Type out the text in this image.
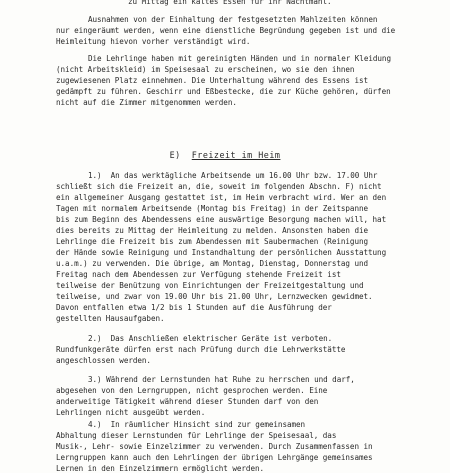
zu Mittag ein kaltes Essen für ihr Nachtmahl.
Ausnahmen von der Einhaltung der festgesetzten Mahlzeiten können
nur eingeräumt werden, wenn eine dienstliche Begründung gegeben ist und die
Heimleitung hievon vorher verständigt wird.
Die Lehrlinge haben mit gereinigten Händen und in normaler Kleidung
(nicht Arbeitskleid) im Speisesaal zu erscheinen, wo sie den ihnen
zugewiesenen Platz einnehmen. Die Unterhaltung während des Essens ist
gedämpft zu führen. Geschirr und Eßbestecke, die zur Küche gehören, dürfen
nicht auf die Zimmer mitgenommen werden.
E) Freizeit im Heim
1.)  An das werktägliche Arbeitsende um 16.00 Uhr bzw. 17.00 Uhr
schließt sich die Freizeit an, die, soweit im folgenden Abschn. F) nicht
ein allgemeiner Ausgang gestattet ist, im Heim verbracht wird. Wer an den
Tagen mit normalem Arbeitsende (Montag bis Freitag) in der Zeitspanne
bis zum Beginn des Abendessens eine auswärtige Besorgung machen will, hat
dies bereits zu Mittag der Heimleitung zu melden. Ansonsten haben die
Lehrlinge die Freizeit bis zum Abendessen mit Saubermachen (Reinigung
der Hände sowie Reinigung und Instandhaltung der persönlichen Ausstattung
u.a.m.) zu verwenden. Die übrige, am Montag, Dienstag, Donnerstag und
Freitag nach dem Abendessen zur Verfügung stehende Freizeit ist
teilweise der Benützung von Einrichtungen der Freizeitgestaltung und
teilweise, und zwar von 19.00 Uhr bis 21.00 Uhr, Lernzwecken gewidmet.
Davon entfallen etwa 1/2 bis 1 Stunden auf die Ausführung der
gestellten Hausaufgaben.
2.)  Das Anschließen elektrischer Geräte ist verboten.
Rundfunkgeräte dürfen erst nach Prüfung durch die Lehrwerkstätte
angeschlossen werden.
3.) Während der Lernstunden hat Ruhe zu herrschen und darf,
abgesehen von den Lerngruppen, nicht gesprochen werden. Eine
anderweitige Tätigkeit während dieser Stunden darf von den
Lehrlingen nicht ausgeübt werden.
4.)  In räumlicher Hinsicht sind zur gemeinsamen
Abhaltung dieser Lernstunden für Lehrlinge der Speisesaal, das
Musik-, Lehr- sowie Einzelzimmer zu verwenden. Durch Zusammenfassen in
Lerngruppen kann auch den Lehrlingen der übrigen Lehrgänge gemeinsames
Lernen in den Einzelzimmern ermöglicht werden.
